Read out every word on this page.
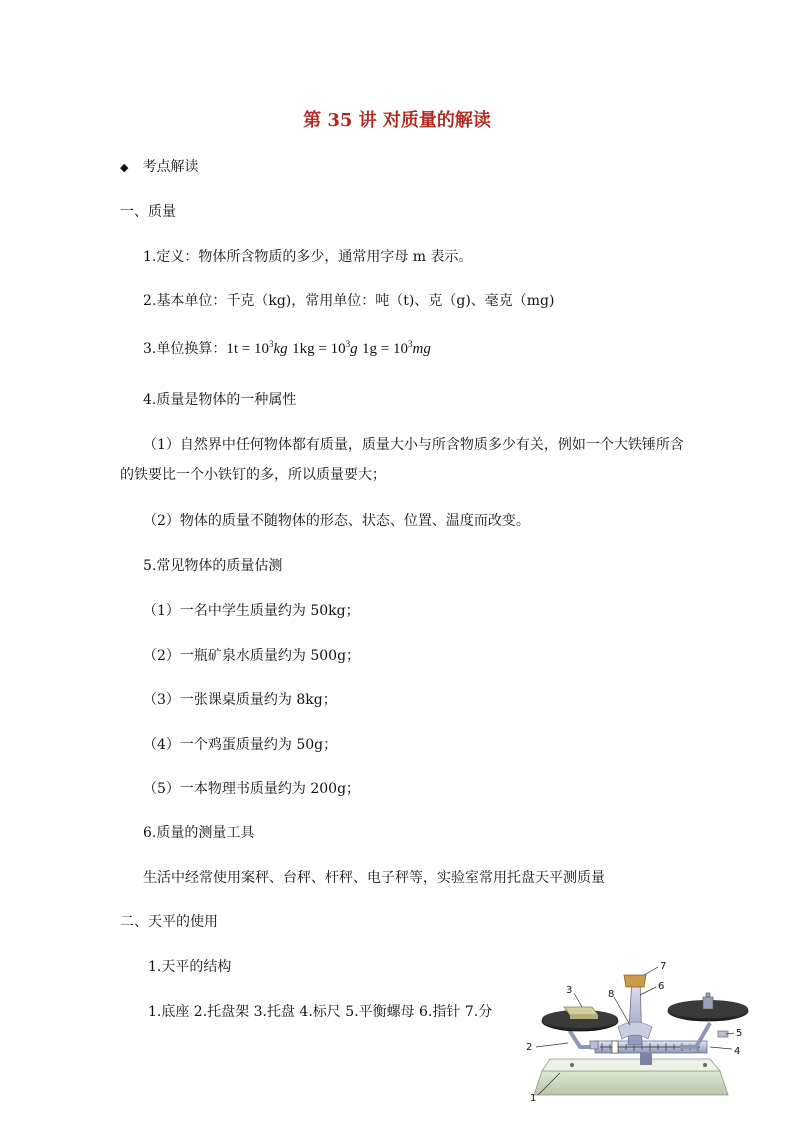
第 35 讲 对质量的解读
◆ 考点解读
一、质量
1.定义：物体所含物质的多少，通常用字母 m 表示。
2.基本单位：千克（kg)，常用单位：吨（t)、克（g)、毫克（mg)
3.单位换算：$1t = 10^3kg$ $1kg = 10^3g$ $1g = 10^3mg$
4.质量是物体的一种属性
（1）自然界中任何物体都有质量，质量大小与所含物质多少有关，例如一个大铁锤所含
的铁要比一个小铁钉的多，所以质量要大；
（2）物体的质量不随物体的形态、状态、位置、温度而改变。
5.常见物体的质量估测
（1）一名中学生质量约为 50kg；
（2）一瓶矿泉水质量约为 500g；
（3）一张课桌质量约为 8kg；
（4）一个鸡蛋质量约为 50g；
（5）一本物理书质量约为 200g；
6.质量的测量工具
生活中经常使用案秤、台秤、杆秤、电子秤等，实验室常用托盘天平测质量
二、天平的使用
1.天平的结构
1.底座 2.托盘架 3.托盘 4.标尺 5.平衡螺母 6.指针 7.分
1
2
3
4
5
6
7
8
